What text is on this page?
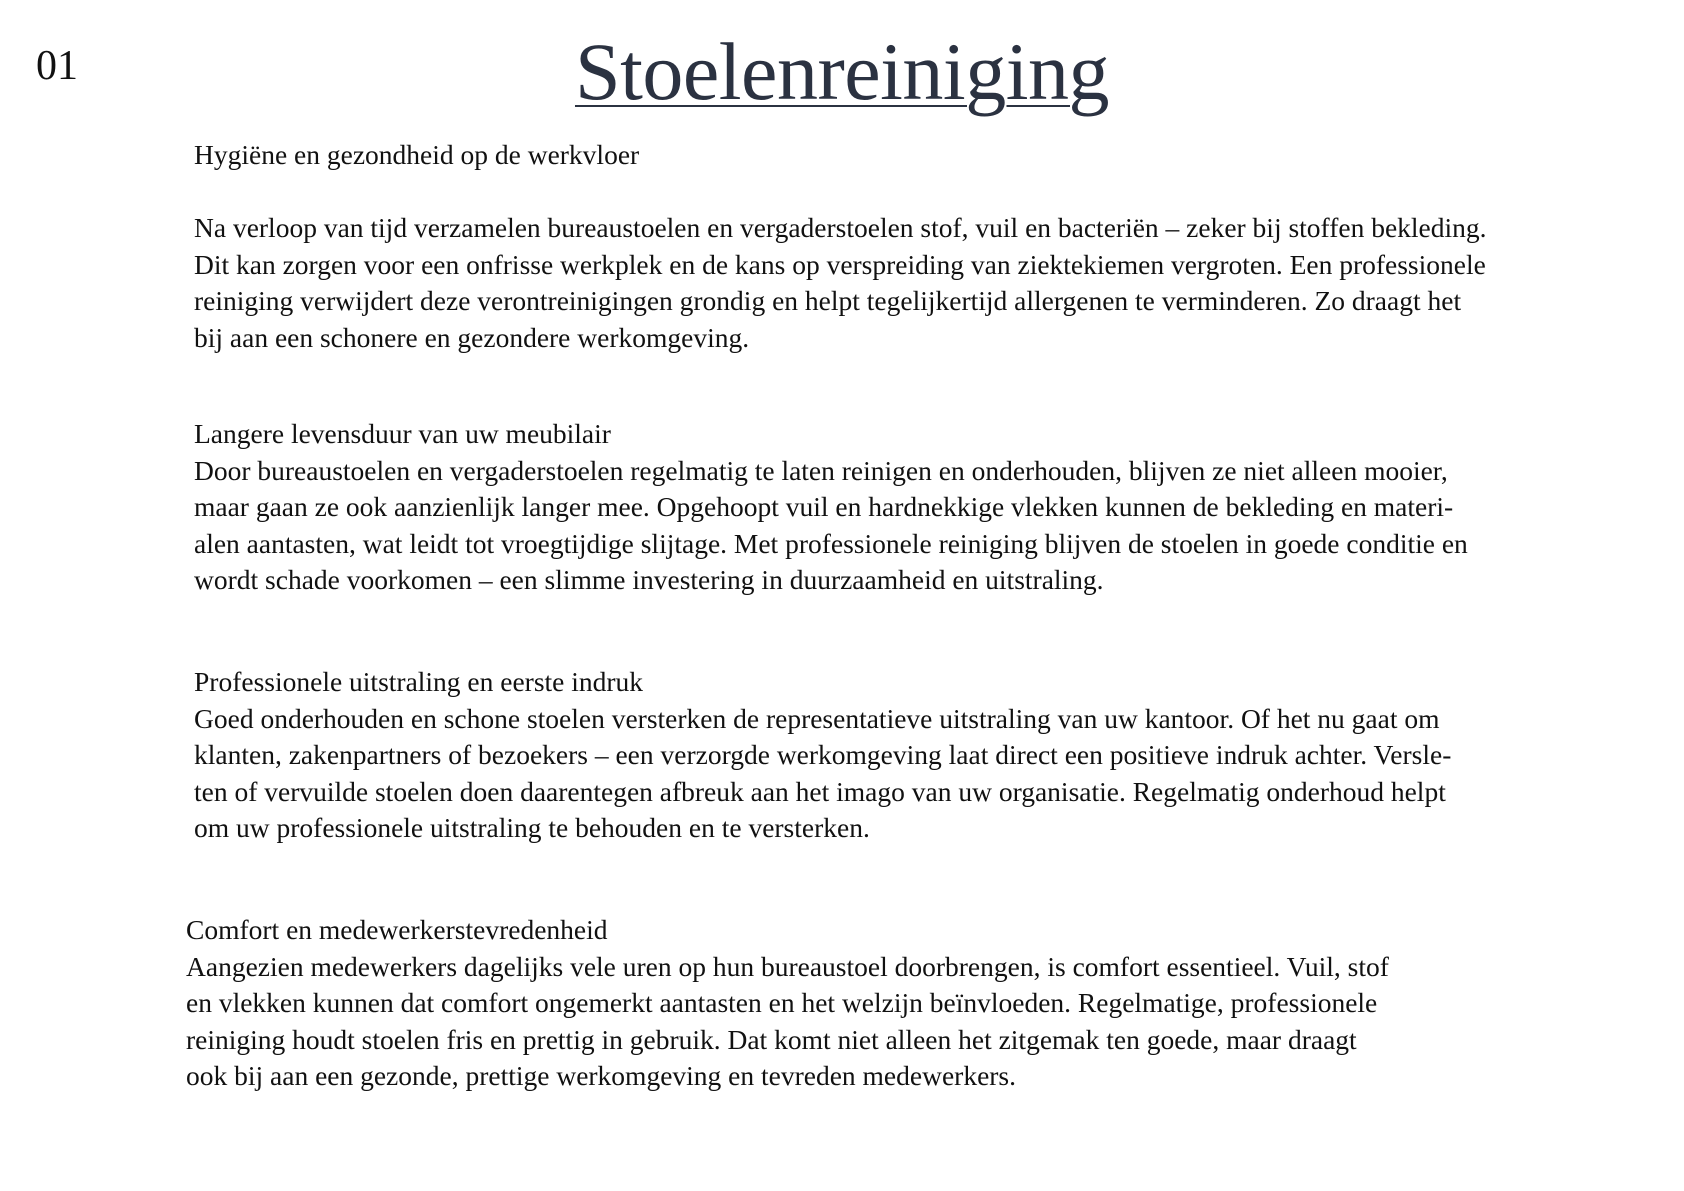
01	Stoelenreiniging
Hygiëne en gezondheid op de werkvloer

Na verloop van tijd verzamelen bureaustoelen en vergaderstoelen stof, vuil en bacteriën – zeker bij stoffen bekleding.

Dit kan zorgen voor een onfrisse werkplek en de kans op verspreiding van ziektekiemen vergroten. Een professionele

reiniging verwijdert deze verontreinigingen grondig en helpt tegelijkertijd allergenen te verminderen. Zo draagt het

bij aan een schonere en gezondere werkomgeving.

Langere levensduur van uw meubilair

Door bureaustoelen en vergaderstoelen regelmatig te laten reinigen en onderhouden, blijven ze niet alleen mooier,

maar gaan ze ook aanzienlijk langer mee. Opgehoopt vuil en hardnekkige vlekken kunnen de bekleding en materi-

alen aantasten, wat leidt tot vroegtijdige slijtage. Met professionele reiniging blijven de stoelen in goede conditie en

wordt schade voorkomen – een slimme investering in duurzaamheid en uitstraling.

Professionele uitstraling en eerste indruk

Goed onderhouden en schone stoelen versterken de representatieve uitstraling van uw kantoor. Of het nu gaat om

klanten, zakenpartners of bezoekers – een verzorgde werkomgeving laat direct een positieve indruk achter. Versle-

ten of vervuilde stoelen doen daarentegen afbreuk aan het imago van uw organisatie. Regelmatig onderhoud helpt

om uw professionele uitstraling te behouden en te versterken.

Comfort en medewerkerstevredenheid

Aangezien medewerkers dagelijks vele uren op hun bureaustoel doorbrengen, is comfort essentieel. Vuil, stof

en vlekken kunnen dat comfort ongemerkt aantasten en het welzijn beïnvloeden. Regelmatige, professionele

reiniging houdt stoelen fris en prettig in gebruik. Dat komt niet alleen het zitgemak ten goede, maar draagt

ook bij aan een gezonde, prettige werkomgeving en tevreden medewerkers.
